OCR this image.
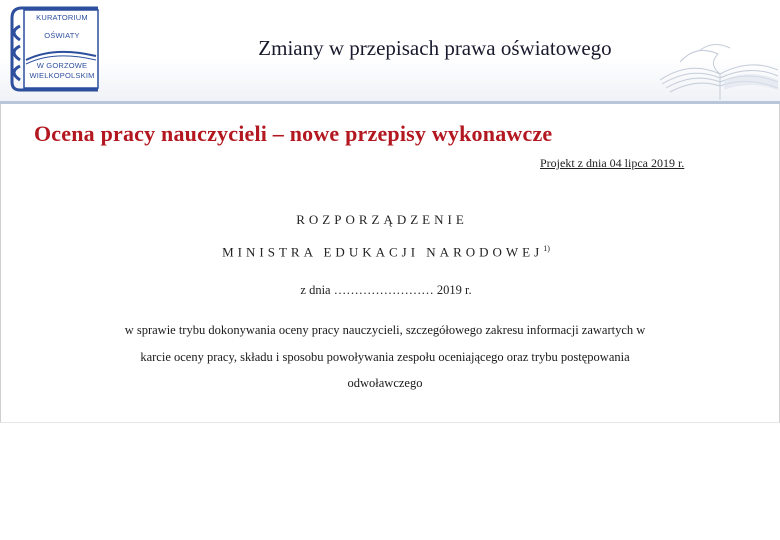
KURATORIUM
OŚWIATY
W GORZOWE
WIELKOPOLSKIM
Zmiany w przepisach prawa oświatowego
Ocena pracy nauczycieli – nowe przepisy wykonawcze
Projekt z dnia 04 lipca 2019 r.
ROZPORZĄDZENIE
MINISTRA EDUKACJI NARODOWEJ$^{1)}$
z dnia …………………… 2019 r.
w sprawie trybu dokonywania oceny pracy nauczycieli, szczegółowego zakresu informacji zawartych w
karcie oceny pracy, składu i sposobu powoływania zespołu oceniającego oraz trybu postępowania
odwoławczego
